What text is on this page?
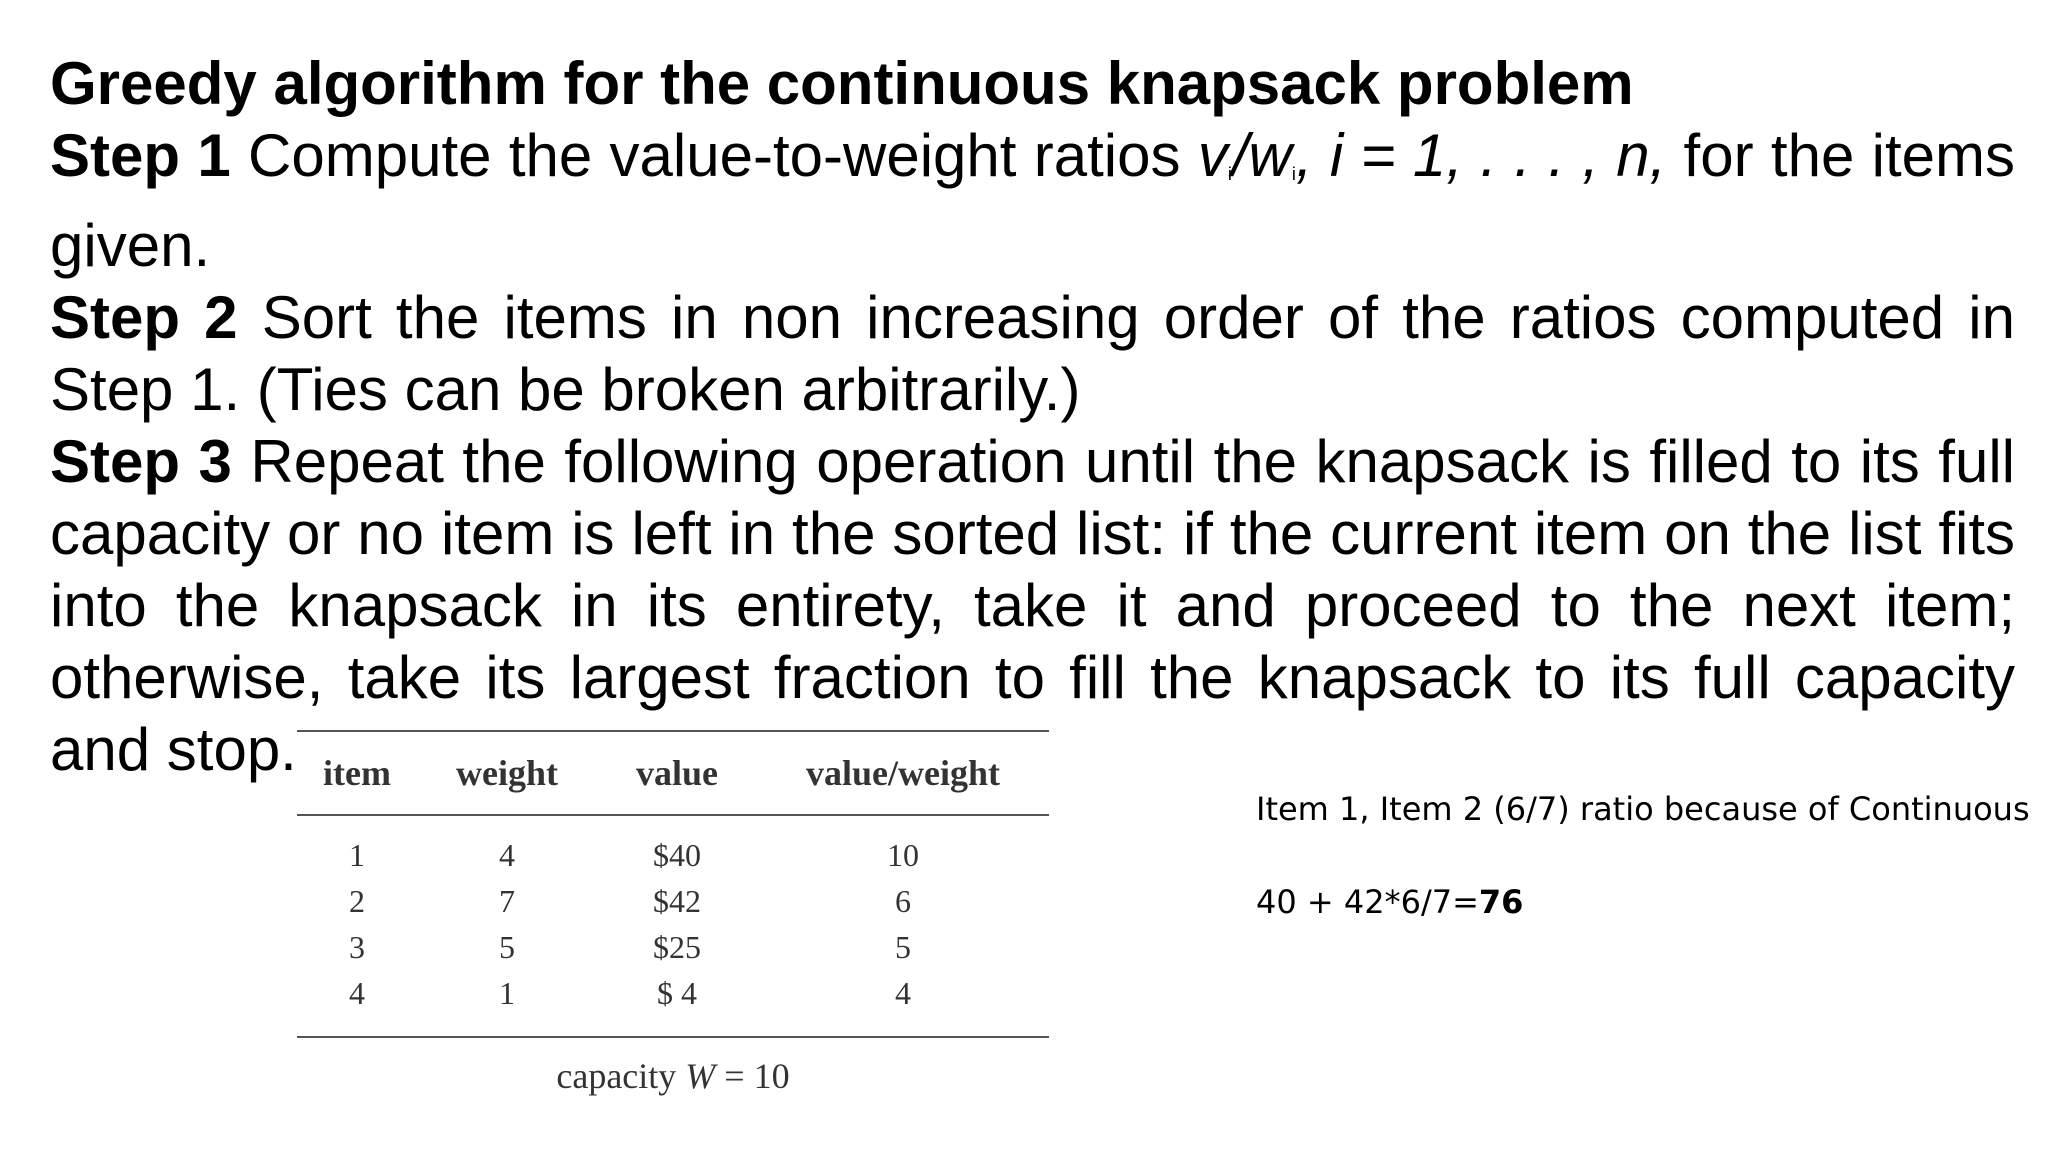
Greedy algorithm for the continuous knapsack problem
Step 1 Compute the value-to-weight ratios $v_i/w_i$, i = 1, . . . , n, for the items given.
Step 2 Sort the items in non increasing order of the ratios computed in Step 1. (Ties can be broken arbitrarily.)
Step 3 Repeat the following operation until the knapsack is filled to its full capacity or no item is left in the sorted list: if the current item on the list fits into the knapsack in its entirety, take it and proceed to the next item; otherwise, take its largest fraction to fill the knapsack to its full capacity and stop. item	weight	value	value/weight
1	4	$40	10
2	7	$42	6
3	5	$25	5
4	1	$ 4	4
capacity W = 10
Item 1, Item 2 (6/7) ratio because of Continuous
40 + 42*6/7=76
